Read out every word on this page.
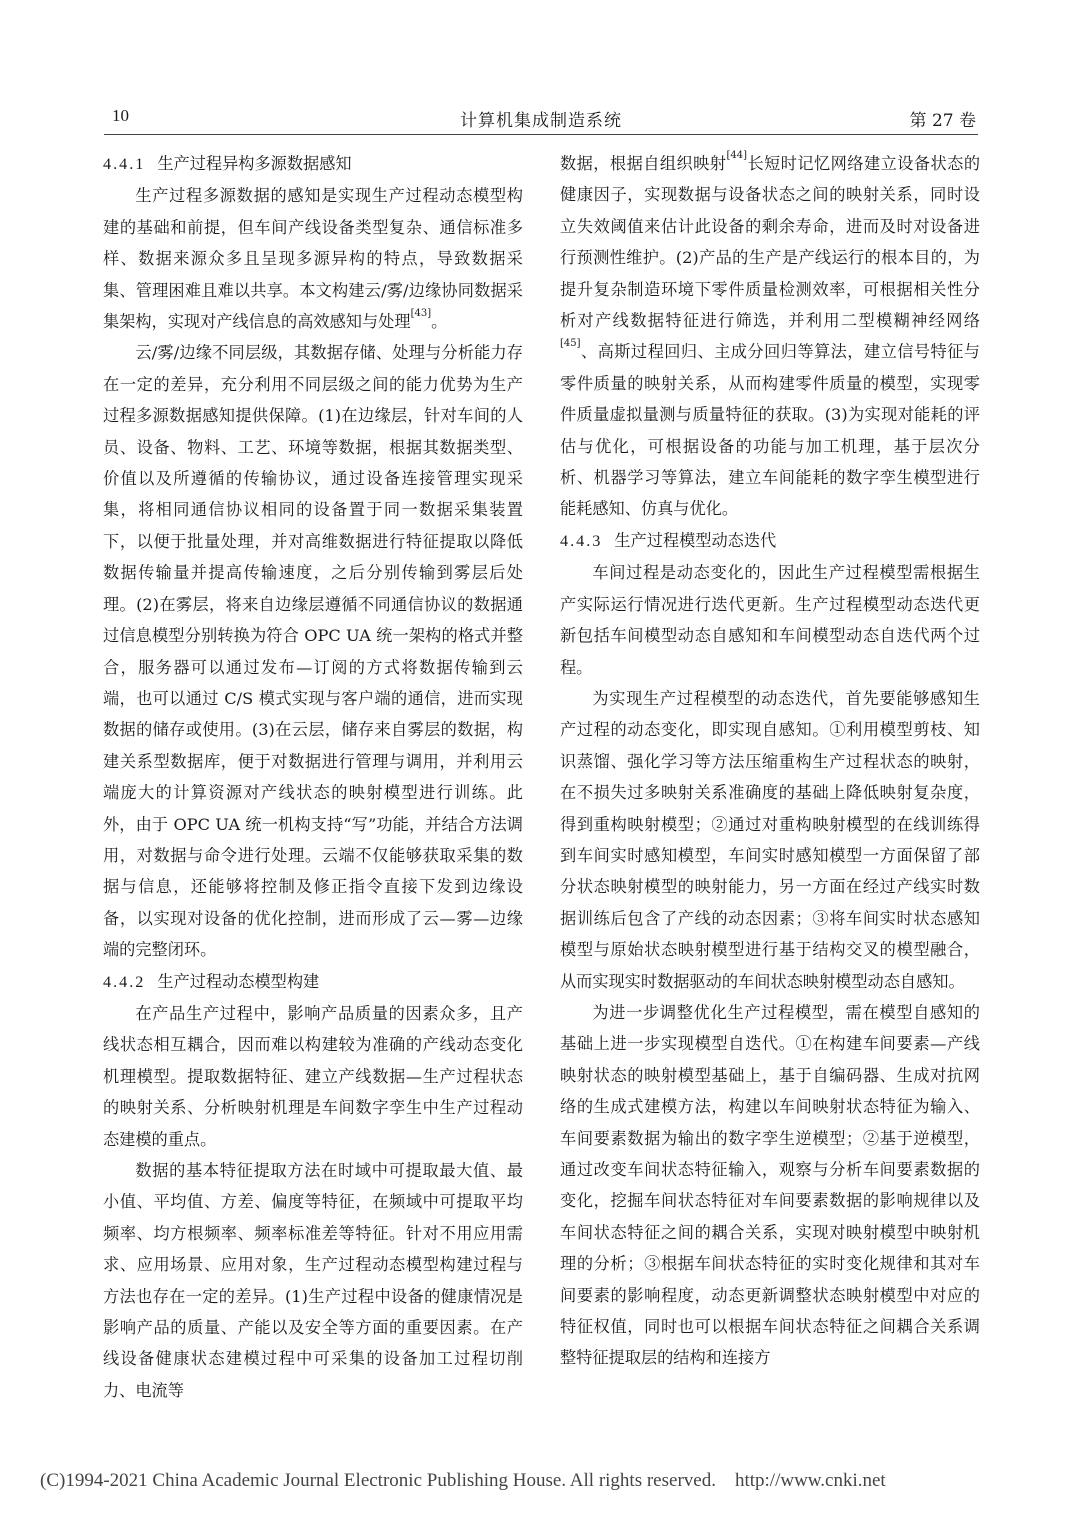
10	计算机集成制造系统	第 27 卷
4.4.1 生产过程异构多源数据感知

生产过程多源数据的感知是实现生产过程动态模型构建的基础和前提，但车间产线设备类型复杂、通信标准多样、数据来源众多且呈现多源异构的特点，导致数据采集、管理困难且难以共享。本文构建云/雾/边缘协同数据采集架构，实现对产线信息的高效感知与处理[43]。

云/雾/边缘不同层级，其数据存储、处理与分析能力存在一定的差异，充分利用不同层级之间的能力优势为生产过程多源数据感知提供保障。(1)在边缘层，针对车间的人员、设备、物料、工艺、环境等数据，根据其数据类型、价值以及所遵循的传输协议，通过设备连接管理实现采集，将相同通信协议相同的设备置于同一数据采集装置下，以便于批量处理，并对高维数据进行特征提取以降低数据传输量并提高传输速度，之后分别传输到雾层后处理。(2)在雾层，将来自边缘层遵循不同通信协议的数据通过信息模型分别转换为符合 OPC UA 统一架构的格式并整合，服务器可以通过发布—订阅的方式将数据传输到云端，也可以通过 C/S 模式实现与客户端的通信，进而实现数据的储存或使用。(3)在云层，储存来自雾层的数据，构建关系型数据库，便于对数据进行管理与调用，并利用云端庞大的计算资源对产线状态的映射模型进行训练。此外，由于 OPC UA 统一机构支持“写”功能，并结合方法调用，对数据与命令进行处理。云端不仅能够获取采集的数据与信息，还能够将控制及修正指令直接下发到边缘设备，以实现对设备的优化控制，进而形成了云—雾—边缘端的完整闭环。

4.4.2 生产过程动态模型构建

在产品生产过程中，影响产品质量的因素众多，且产线状态相互耦合，因而难以构建较为准确的产线动态变化机理模型。提取数据特征、建立产线数据—生产过程状态的映射关系、分析映射机理是车间数字孪生中生产过程动态建模的重点。

数据的基本特征提取方法在时域中可提取最大值、最小值、平均值、方差、偏度等特征，在频域中可提取平均频率、均方根频率、频率标准差等特征。针对不用应用需求、应用场景、应用对象，生产过程动态模型构建过程与方法也存在一定的差异。(1)生产过程中设备的健康情况是影响产品的质量、产能以及安全等方面的重要因素。在产线设备健康状态建模过程中可采集的设备加工过程切削力、电流等

数据，根据自组织映射[44]长短时记忆网络建立设备状态的健康因子，实现数据与设备状态之间的映射关系，同时设立失效阈值来估计此设备的剩余寿命，进而及时对设备进行预测性维护。(2)产品的生产是产线运行的根本目的，为提升复杂制造环境下零件质量检测效率，可根据相关性分析对产线数据特征进行筛选，并利用二型模糊神经网络[45]、高斯过程回归、主成分回归等算法，建立信号特征与零件质量的映射关系，从而构建零件质量的模型，实现零件质量虚拟量测与质量特征的获取。(3)为实现对能耗的评估与优化，可根据设备的功能与加工机理，基于层次分析、机器学习等算法，建立车间能耗的数字孪生模型进行能耗感知、仿真与优化。

4.4.3 生产过程模型动态迭代

车间过程是动态变化的，因此生产过程模型需根据生产实际运行情况进行迭代更新。生产过程模型动态迭代更新包括车间模型动态自感知和车间模型动态自迭代两个过程。

为实现生产过程模型的动态迭代，首先要能够感知生产过程的动态变化，即实现自感知。①利用模型剪枝、知识蒸馏、强化学习等方法压缩重构生产过程状态的映射，在不损失过多映射关系准确度的基础上降低映射复杂度，得到重构映射模型；②通过对重构映射模型的在线训练得到车间实时感知模型，车间实时感知模型一方面保留了部分状态映射模型的映射能力，另一方面在经过产线实时数据训练后包含了产线的动态因素；③将车间实时状态感知模型与原始状态映射模型进行基于结构交叉的模型融合，从而实现实时数据驱动的车间状态映射模型动态自感知。

为进一步调整优化生产过程模型，需在模型自感知的基础上进一步实现模型自迭代。①在构建车间要素—产线映射状态的映射模型基础上，基于自编码器、生成对抗网络的生成式建模方法，构建以车间映射状态特征为输入、车间要素数据为输出的数字孪生逆模型；②基于逆模型，通过改变车间状态特征输入，观察与分析车间要素数据的变化，挖掘车间状态特征对车间要素数据的影响规律以及车间状态特征之间的耦合关系，实现对映射模型中映射机理的分析；③根据车间状态特征的实时变化规律和其对车间要素的影响程度，动态更新调整状态映射模型中对应的特征权值，同时也可以根据车间状态特征之间耦合关系调整特征提取层的结构和连接方

(C)1994-2021 China Academic Journal Electronic Publishing House. All rights reserved.    http://www.cnki.net
